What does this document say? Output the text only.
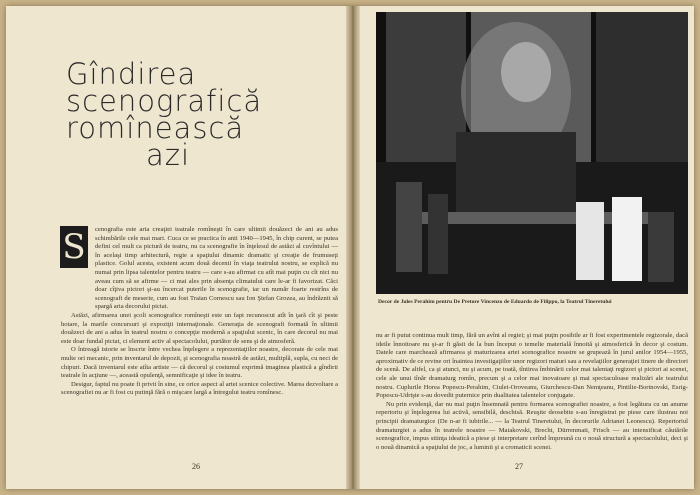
Gîndirea
scenografică
romînească
azi
S	cenografia este aria creaţiei teatrale romîneşti în care ultimii douăzeci de ani au adus schimbările cele mai mari. Cuca ce se practica în anii 1940—1945, în chip curent, se putea defini cel mult ca pictură de teatru, nu ca scenografie în înţelesul de astăzi al cuvîntului — în acelaşi timp arhitectură, regie a spaţiului dinamic dramatic şi creaţie de frumuseţi plastice. Golul acesta, existent acum două decenii în viaţa teatrului nostru, se explică nu numai prin lipsa talentelor pentru teatru — care s-au afirmat cu atît mai puţin cu cît nici nu aveau cum să se afirme — ci mai ales prin absenţa climatului care le-ar fi favorizat. Căci doar cîţiva pictori şi-au încercat puterile în scenografie, iar un număr foarte restrîns de scenografi de meserie, cum au fost Traian Cornescu sau Ion Ştefan Grozea, au îndrăznit să spargă aria decorului pictat.

Astăzi, afirmarea unei şcoli scenografice romîneşti este un fapt recunoscut atît în ţară cît şi peste hotare, la marile concursuri şi expoziţii internaţionale. Generaţia de scenografi formată în ultimii douăzeci de ani a adus în teatrul nostru o concepţie modernă a spaţiului scenic, în care decorul nu mai este doar fundal pictat, ci element activ al spectacolului, purtător de sens şi de atmosferă.

O întreagă istorie se înscrie între vechea înţelegere a reprezentaţiilor noastre, decorate de cele mai multe ori mecanic, prin inventarul de depozit, şi scenografia noastră de astăzi, multiplă, supla, cu neci de chipuri. Dacă inventarul este atîta artiste — că decorul şi costumul exprimă imaginea plastică a gîndirii teatrale în acţiune —, această opulenţă, semnificaţie şi idee în teatru.

Desigur, faptul nu poate fi privit în sine, ce orice aspect al artei scenice colective. Marea dezvoltare a scenografiei nu ar fi fost cu putinţă fără o mişcare largă a întregului teatru romînesc.

26
Decor de Jules Perahim pentru De Pretore Vincenzo de Eduardo de Filippo, la Teatrul Tineretului

nu ar fi putut continua mult timp, fără un avînt al regiei; şi mai puţin posibile ar fi fost experimentele regizorale, dacă ideile înnoitoare nu şi-ar fi găsit de la bun început o temelie materială înnoită şi atmosferică în decor şi costum. Datele care marchează afirmarea şi maturizarea artei scenografice noastre se grupează în jurul anilor 1954—1955, aproximativ de ce revine ori înaintea investigaţiilor unor regizori maturi sau a revelaţiilor generaţiei tinere de directori de scenă. De altfel, ca şi atunci, nu şi acum, pe toată, tîntirea îmbinării celor mai talentaţi regizori şi pictori ai scenei, cele ale unui tînăr dramaturg romîn, precum şi a celor mai inovatoare şi mai spectaculoase realizări ale teatrului nostru. Cuplurile Horea Popescu-Perahim, Ciulei-Oroveanu, Giurchescu-Dan Nemţeanu, Pintilie-Bortnovski, Esrig-Popescu-Udrişte s-au dovedit puternice prin dualitatea talentelor conjugate.

Nu prin evidenţă, dar nu mai puţin însemnată pentru formarea scenografiei noastre, a fost legătura cu un anume repertoriu şi înţelegerea lui activă, sensibilă, deschisă. Reuşite deosebite s-au înregistrat pe piese care ilustrau noi principii dramaturgice (De n-ar fi iubirile... — la Teatrul Tineretului, în decorurile Adrianei Leonescu). Repertoriul dramaturgiei a adus în teatrele noastre — Maiakovski, Brecht, Dürrenmatt, Frisch — au intensificat căutările scenografice, impus stiinţa ideatică a piese şi interpretare cerînd împreună cu o nouă structură a spectacolului, deci şi o nouă dinamică a spaţiului de joc, a luminii şi a cromaticii scenei.

27
